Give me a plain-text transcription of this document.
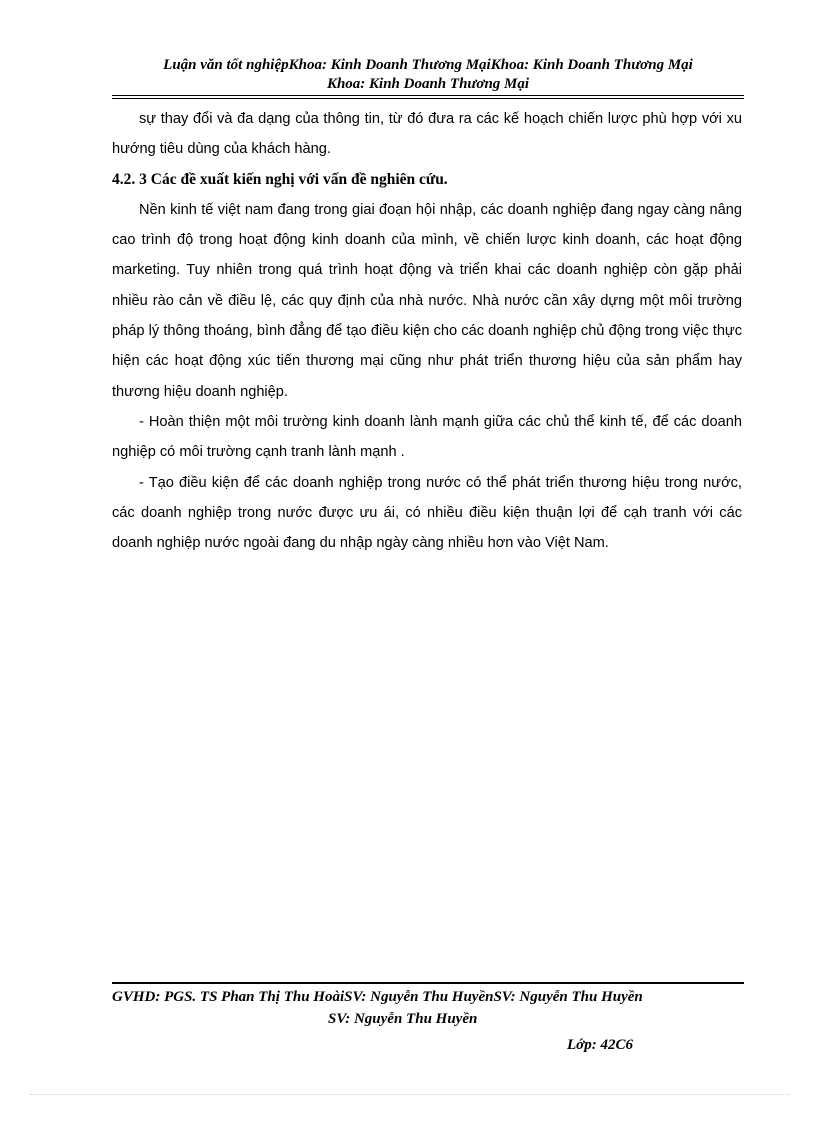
Luận văn tốt nghiệpKhoa: Kinh Doanh Thương MạiKhoa: Kinh Doanh Thương Mại
Khoa: Kinh Doanh Thương Mại

sự thay đổi và đa dạng của thông tin, từ đó đưa ra các kế hoạch chiến lược phù hợp với xu hướng tiêu dùng của khách hàng.

4.2. 3 Các đề xuất kiến nghị với vấn đề nghiên cứu.

Nền kinh tế việt nam đang trong giai đoạn hội nhập, các doanh nghiệp đang ngay càng nâng cao trình độ trong hoạt động kinh doanh của mình, về chiến lược kinh doanh, các hoạt động marketing. Tuy nhiên trong quá trình hoạt động và triển khai các doanh nghiệp còn gặp phải nhiều rào cản về điều lệ, các quy định của nhà nước. Nhà nước cần xây dựng một môi trường pháp lý thông thoáng, bình đẳng để tạo điều kiện cho các doanh nghiệp chủ động trong việc thực hiện các hoạt động xúc tiến thương mại cũng như phát triển thương hiệu của sản phẩm hay thương hiệu doanh nghiệp.

- Hoàn thiện một môi trường kinh doanh lành mạnh giữa các chủ thể kinh tế, để các doanh nghiệp có môi trường cạnh tranh lành mạnh .

- Tạo điều kiện để các doanh nghiệp trong nước có thể phát triển thương hiệu trong nước, các doanh nghiệp trong nước được ưu ái, có nhiều điều kiện thuận lợi để cạh tranh với các doanh nghiệp nước ngoài đang du nhập ngày càng nhiều hơn vào Việt Nam.

GVHD: PGS. TS Phan Thị Thu HoàiSV: Nguyễn Thu HuyềnSV: Nguyễn Thu Huyền
SV: Nguyễn Thu Huyền
Lớp: 42C6
